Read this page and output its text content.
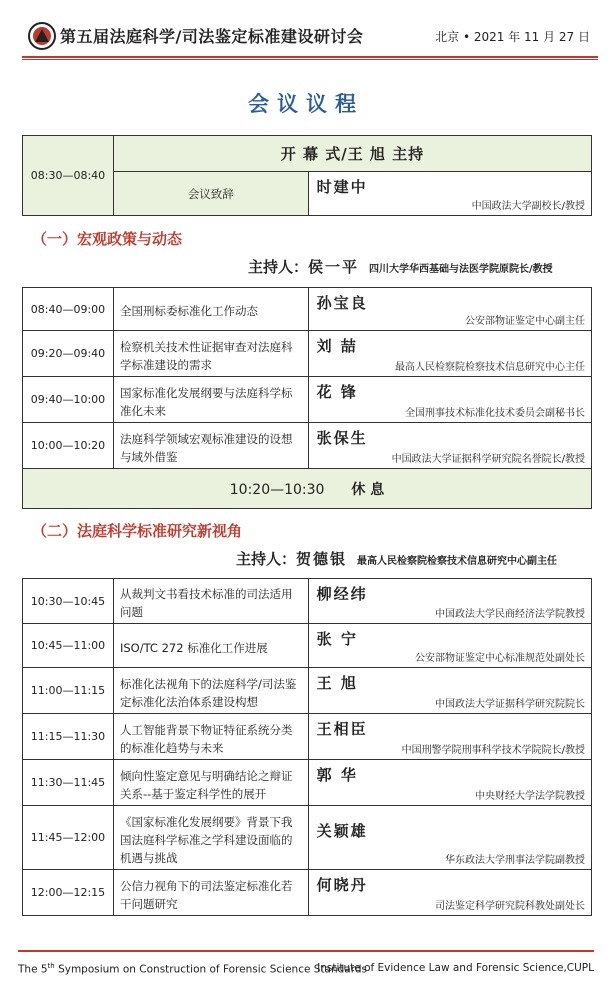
第五届法庭科学/司法鉴定标准建设研讨会	北京 • 2021 年 11 月 27 日
会议议程
08:30—08:40	开 幕 式/王 旭 主持	
	会议致辞	时建中
中国政法大学副校长/教授
（一）宏观政策与动态
主持人：侯一平 四川大学华西基础与法医学院原院长/教授
08:40—09:00	全国刑标委标准化工作动态	孙宝良
公安部物证鉴定中心副主任

09:20—09:40	检察机关技术性证据审查对法庭科学标准建设的需求	刘 喆
最高人民检察院检察技术信息研究中心主任

09:40—10:00	国家标准化发展纲要与法庭科学标准化未来	花 锋
全国刑事技术标准化技术委员会副秘书长

10:00—10:20	法庭科学领域宏观标准建设的设想与域外借鉴	张保生
中国政法大学证据科学研究院名誉院长/教授

10:20—10:30 休 息		
（二）法庭科学标准研究新视角
主持人：贺德银 最高人民检察院检察技术信息研究中心副主任
10:30—10:45	从裁判文书看技术标准的司法适用问题	柳经纬
中国政法大学民商经济法学院教授

10:45—11:00	ISO/TC 272 标准化工作进展	张 宁
公安部物证鉴定中心标准规范处副处长

11:00—11:15	标准化法视角下的法庭科学/司法鉴定标准化法治体系建设构想	王 旭
中国政法大学证据科学研究院院长

11:15—11:30	人工智能背景下物证特征系统分类的标准化趋势与未来	王相臣
中国刑警学院刑事科学技术学院院长/教授

11:30—11:45	倾向性鉴定意见与明确结论之辩证关系--基于鉴定科学性的展开	郭 华
中央财经大学法学院教授

11:45—12:00	《国家标准化发展纲要》背景下我国法庭科学标准之学科建设面临的机遇与挑战	关颖雄
华东政法大学刑事法学院副教授

12:00—12:15	公信力视角下的司法鉴定标准化若干问题研究	何晓丹
司法鉴定科学研究院科教处副处长
The 5th Symposium on Construction of Forensic Science Standards
Institute of Evidence Law and Forensic Science,CUPL
